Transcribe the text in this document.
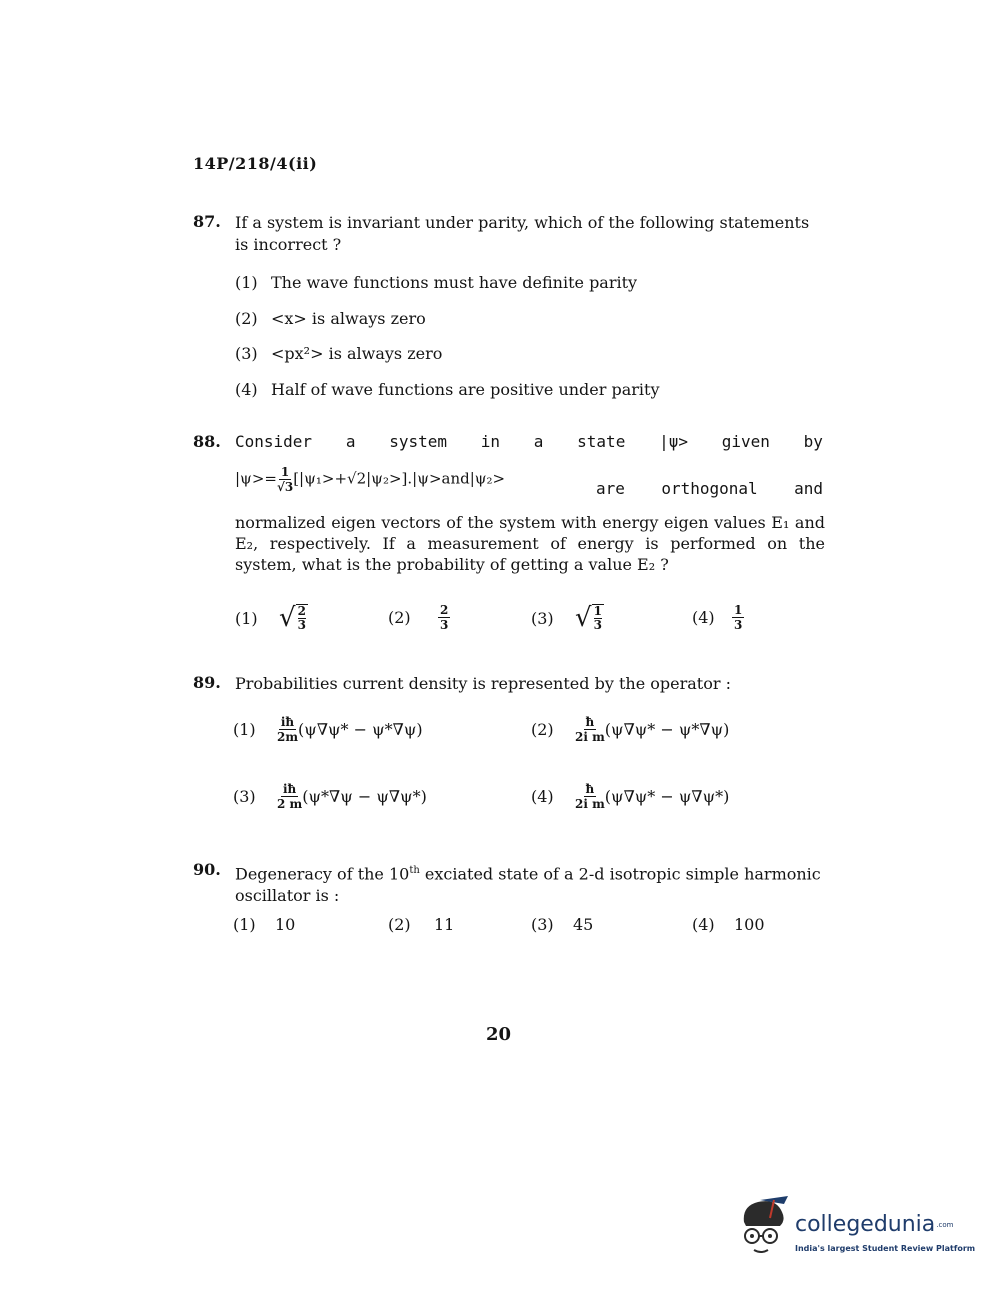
14P/218/4(ii)
87. If a system is invariant under parity, which of the following statements is incorrect ?
(1) The wave functions must have definite parity
(2) <x> is always zero
(3) <px²> is always zero
(4) Half of wave functions are positive under parity
88. Consider a system in a state |ψ> given by
$|\psi>= \frac{1}{√3} [|\psi_1>+√2|\psi_2>].|\psi>and|\psi_2>$
are orthogonal and
normalized eigen vectors of the system with energy eigen values E₁ and E₂, respectively. If a measurement of energy is performed on the system, what is the probability of getting a value E₂ ?
(1) √ $\frac{2}{3}$	(2)	$\frac{2}{3}$	(3) √ $\frac{1}{3}$	(4)	$\frac{1}{3}$
89. Probabilities current density is represented by the operator :
(1)	$\frac{iħ}{2m}$ (ψ∇̄ψ* − ψ*∇̄ψ)	(2)	$\frac{ħ}{\text{2i m}}$ (ψ∇̄ψ* − ψ*∇̄ψ)
(3)	$\frac{iħ}{2 m}$ (ψ*∇̄ψ − ψ∇̄ψ*)	(4)	$\frac{ħ}{\text{2i m}}$ (ψ∇̄ψ* − ψ∇̄ψ*)
90. Degeneracy of the 10th exciated state of a 2-d isotropic simple harmonic oscillator is :
(1) 10	(2) 11	(3) 45	(4) 100
20
collegedunia.com
India's largest Student Review Platform
